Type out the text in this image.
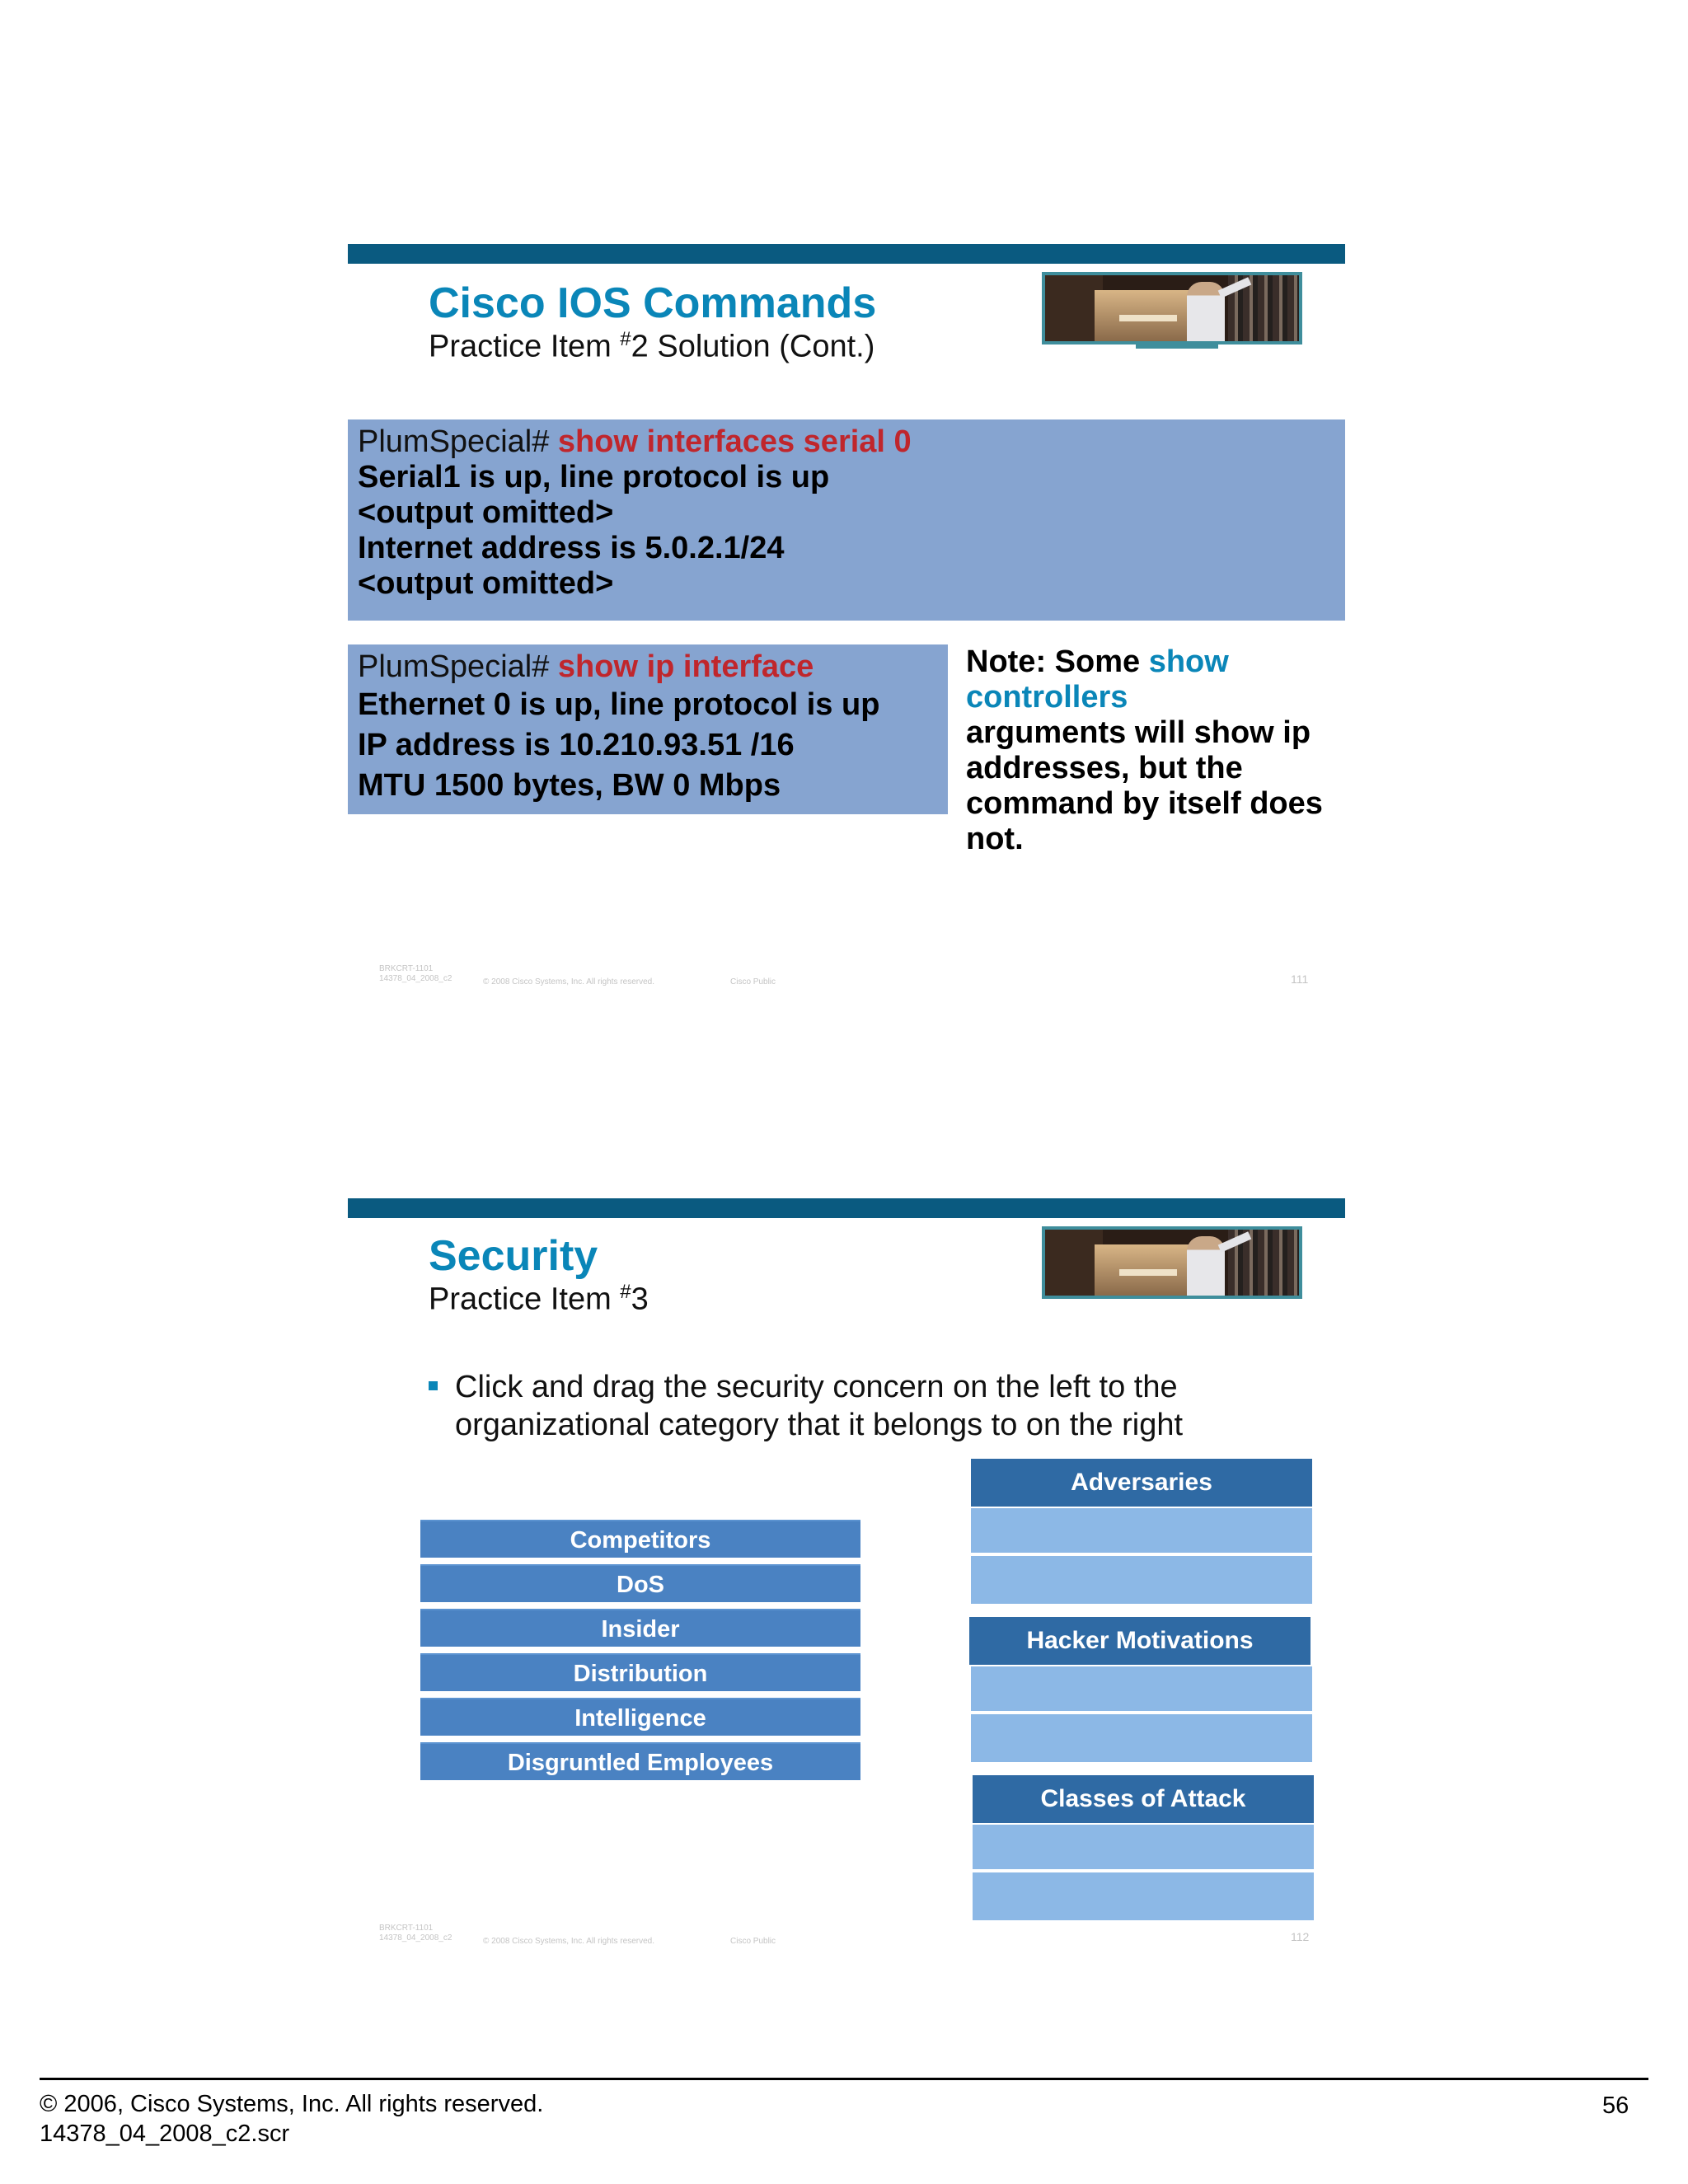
Cisco IOS Commands
Practice Item #2 Solution (Cont.)
PlumSpecial# show interfaces serial 0
Serial1 is up, line protocol is up
<output omitted>
Internet address is 5.0.2.1/24
<output omitted>
PlumSpecial# show ip interface
Ethernet 0 is up, line protocol is up
IP address is 10.210.93.51 /16
MTU 1500 bytes, BW 0 Mbps
Note: Some show
controllers
arguments will show ip addresses, but the command by itself does not.
BRKCRT-1101
14378_04_2008_c2	© 2008 Cisco Systems, Inc. All rights reserved.	Cisco Public	111
Security
Practice Item #3
Click and drag the security concern on the left to the organizational category that it belongs to on the right
Competitors
DoS
Insider
Distribution
Intelligence
Disgruntled Employees
Adversaries
Hacker Motivations
Classes of Attack
BRKCRT-1101
14378_04_2008_c2	© 2008 Cisco Systems, Inc. All rights reserved.	Cisco Public	112
© 2006, Cisco Systems, Inc. All rights reserved.
14378_04_2008_c2.scr
56
